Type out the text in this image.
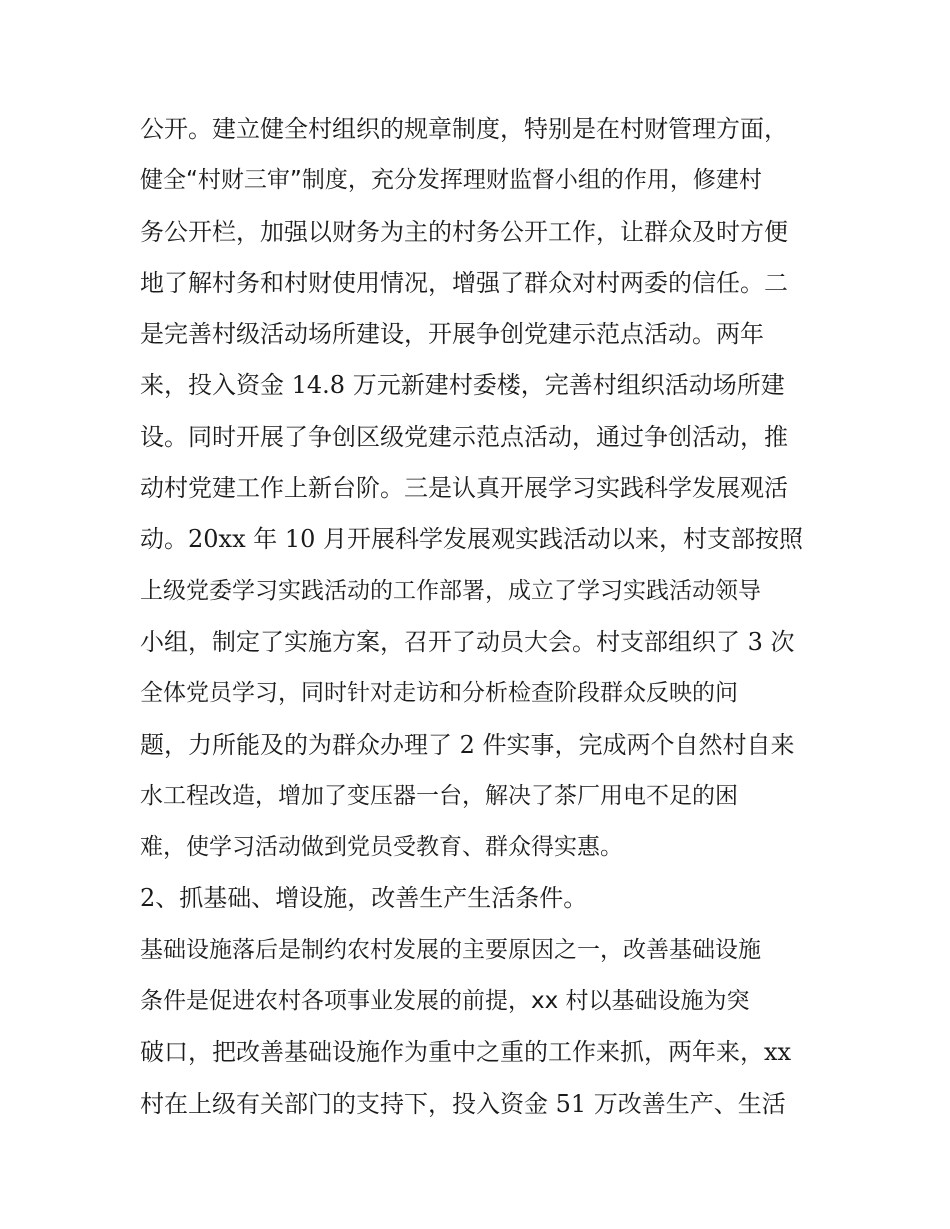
公开。建立健全村组织的规章制度，特别是在村财管理方面，
健全“村财三审”制度，充分发挥理财监督小组的作用，修建村
务公开栏，加强以财务为主的村务公开工作，让群众及时方便
地了解村务和村财使用情况，增强了群众对村两委的信任。二
是完善村级活动场所建设，开展争创党建示范点活动。两年
来，投入资金 14.8 万元新建村委楼，完善村组织活动场所建
设。同时开展了争创区级党建示范点活动，通过争创活动，推
动村党建工作上新台阶。三是认真开展学习实践科学发展观活
动。20xx 年 10 月开展科学发展观实践活动以来，村支部按照
上级党委学习实践活动的工作部署，成立了学习实践活动领导
小组，制定了实施方案，召开了动员大会。村支部组织了 3 次
全体党员学习，同时针对走访和分析检查阶段群众反映的问
题，力所能及的为群众办理了 2 件实事，完成两个自然村自来
水工程改造，增加了变压器一台，解决了茶厂用电不足的困
难，使学习活动做到党员受教育、群众得实惠。
2、抓基础、增设施，改善生产生活条件。
基础设施落后是制约农村发展的主要原因之一，改善基础设施
条件是促进农村各项事业发展的前提，xx 村以基础设施为突
破口，把改善基础设施作为重中之重的工作来抓，两年来，xx
村在上级有关部门的支持下，投入资金 51 万改善生产、生活
